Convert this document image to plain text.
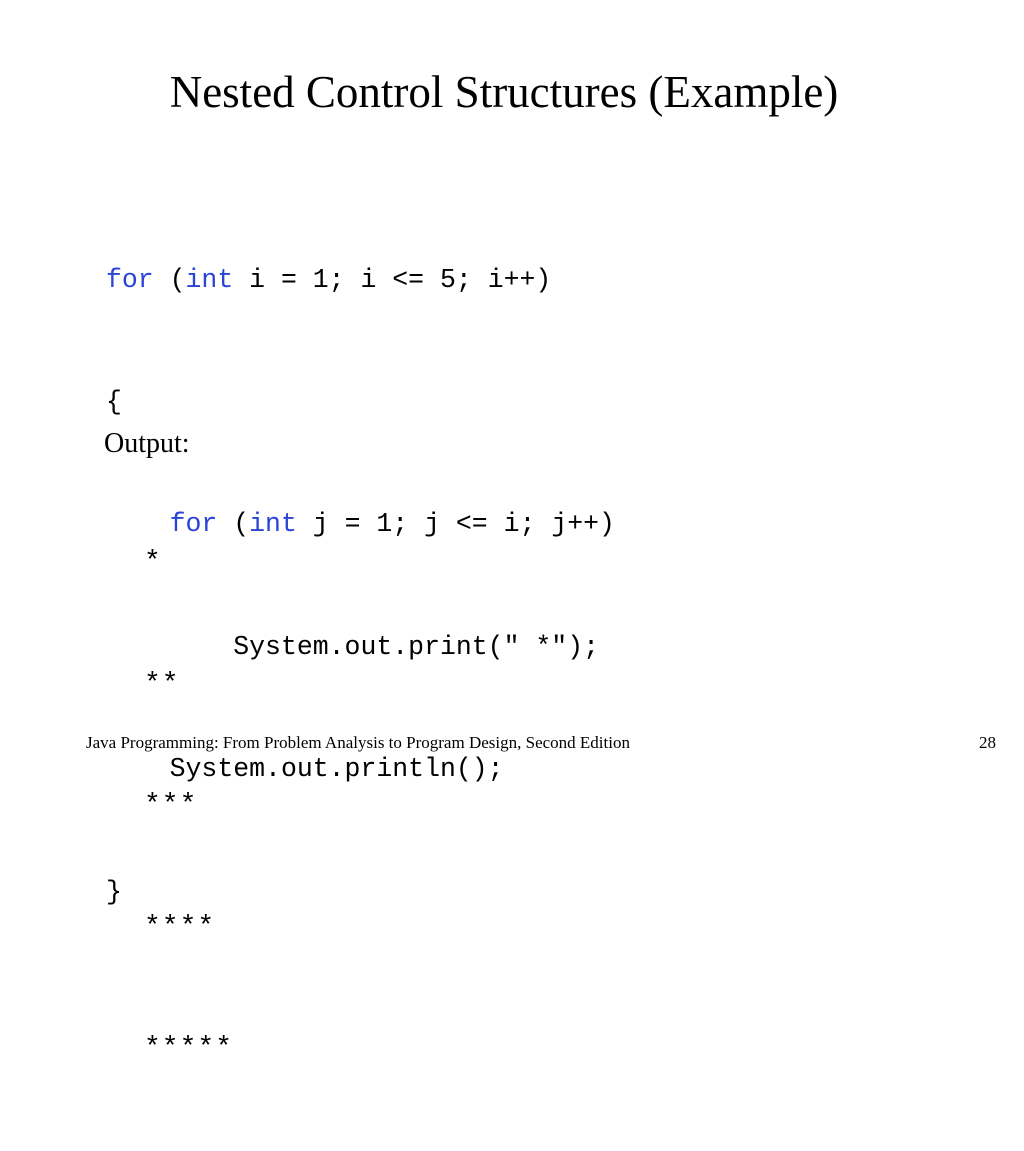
Nested Control Structures (Example)

for (int i = 1; i <= 5; i++)

{

for (int j = 1; j <= i; j++)

System.out.print(" *");

System.out.println();

}

Output:

*

**

***

****

*****

Java Programming: From Problem Analysis to Program Design, Second Edition	28
